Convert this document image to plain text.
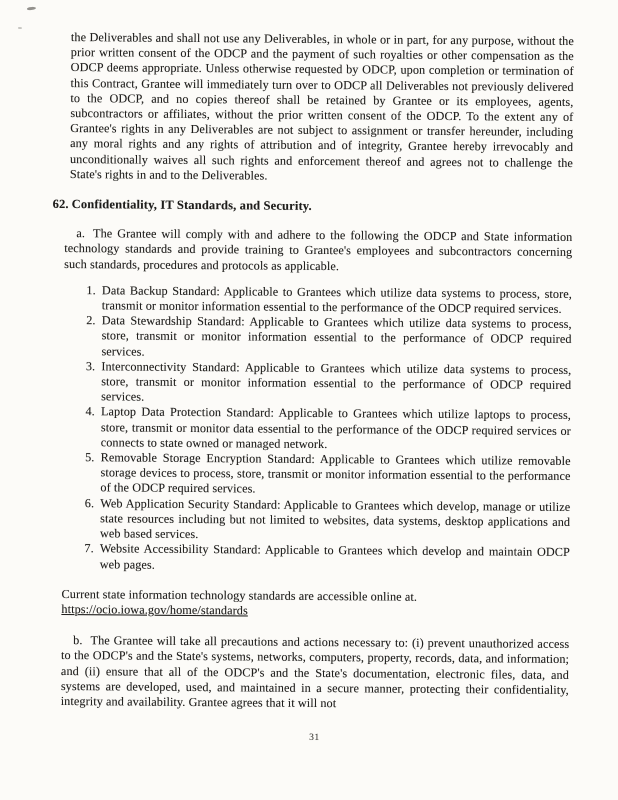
the Deliverables and shall not use any Deliverables, in whole or in part, for any purpose, without the prior written consent of the ODCP and the payment of such royalties or other compensation as the ODCP deems appropriate. Unless otherwise requested by ODCP, upon completion or termination of this Contract, Grantee will immediately turn over to ODCP all Deliverables not previously delivered to the ODCP, and no copies thereof shall be retained by Grantee or its employees, agents, subcontractors or affiliates, without the prior written consent of the ODCP. To the extent any of Grantee's rights in any Deliverables are not subject to assignment or transfer hereunder, including any moral rights and any rights of attribution and of integrity, Grantee hereby irrevocably and unconditionally waives all such rights and enforcement thereof and agrees not to challenge the State's rights in and to the Deliverables.

62. Confidentiality, IT Standards, and Security.

a. The Grantee will comply with and adhere to the following the ODCP and State information technology standards and provide training to Grantee's employees and subcontractors concerning such standards, procedures and protocols as applicable.

1. Data Backup Standard: Applicable to Grantees which utilize data systems to process, store, transmit or monitor information essential to the performance of the ODCP required services.
2. Data Stewardship Standard: Applicable to Grantees which utilize data systems to process, store, transmit or monitor information essential to the performance of ODCP required services.
3. Interconnectivity Standard: Applicable to Grantees which utilize data systems to process, store, transmit or monitor information essential to the performance of ODCP required services.
4. Laptop Data Protection Standard: Applicable to Grantees which utilize laptops to process, store, transmit or monitor data essential to the performance of the ODCP required services or connects to state owned or managed network.
5. Removable Storage Encryption Standard: Applicable to Grantees which utilize removable storage devices to process, store, transmit or monitor information essential to the performance of the ODCP required services.
6. Web Application Security Standard: Applicable to Grantees which develop, manage or utilize state resources including but not limited to websites, data systems, desktop applications and web based services.
7. Website Accessibility Standard: Applicable to Grantees which develop and maintain ODCP web pages.

Current state information technology standards are accessible online at.

https://ocio.iowa.gov/home/standards

b. The Grantee will take all precautions and actions necessary to: (i) prevent unauthorized access to the ODCP's and the State's systems, networks, computers, property, records, data, and information; and (ii) ensure that all of the ODCP's and the State's documentation, electronic files, data, and systems are developed, used, and maintained in a secure manner, protecting their confidentiality, integrity and availability. Grantee agrees that it will not

31
